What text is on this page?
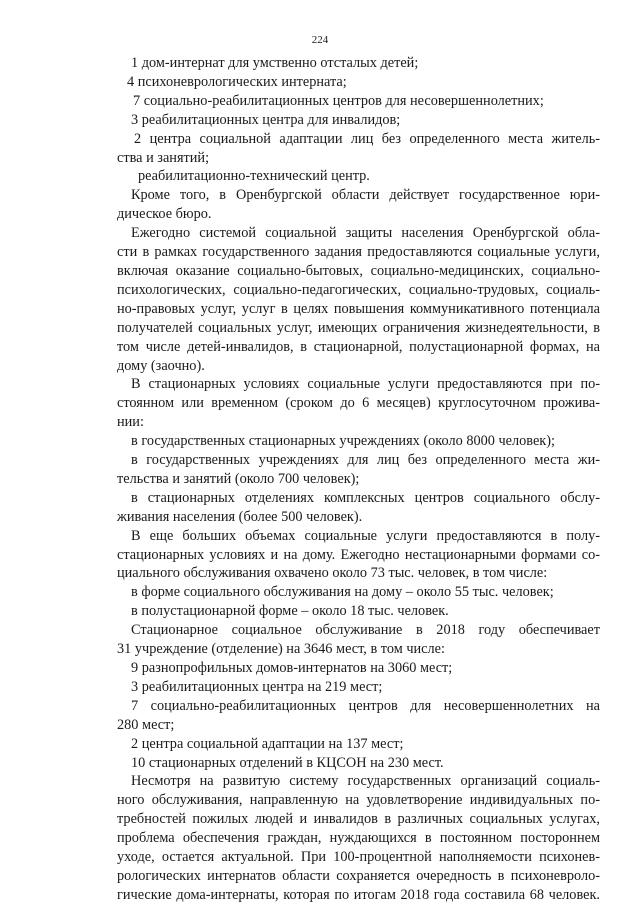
224
1 дом-интернат для умственно отсталых детей;
4 психоневрологических интерната;
7 социально-реабилитационных центров для несовершеннолетних;
3 реабилитационных центра для инвалидов;
2 центра социальной адаптации лиц без определенного места житель-
ства и занятий;
реабилитационно-технический центр.
Кроме того, в Оренбургской области действует государственное юри-
дическое бюро.
Ежегодно системой социальной защиты населения Оренбургской обла-
сти в рамках государственного задания предоставляются социальные услуги,
включая оказание социально-бытовых, социально-медицинских, социально-
психологических, социально-педагогических, социально-трудовых, социаль-
но-правовых услуг, услуг в целях повышения коммуникативного потенциала
получателей социальных услуг, имеющих ограничения жизнедеятельности, в
том числе детей-инвалидов, в стационарной, полустационарной формах, на
дому (заочно).
В стационарных условиях социальные услуги предоставляются при по-
стоянном или временном (сроком до 6 месяцев) круглосуточном прожива-
нии:
в государственных стационарных учреждениях (около 8000 человек);
в государственных учреждениях для лиц без определенного места жи-
тельства и занятий (около 700 человек);
в стационарных отделениях комплексных центров социального обслу-
живания населения (более 500 человек).
В еще больших объемах социальные услуги предоставляются в полу-
стационарных условиях и на дому. Ежегодно нестационарными формами со-
циального обслуживания охвачено около 73 тыс. человек, в том числе:
в форме социального обслуживания на дому – около 55 тыс. человек;
в полустационарной форме – около 18 тыс. человек.
Стационарное социальное обслуживание в 2018 году обеспечивает
31 учреждение (отделение) на 3646 мест, в том числе:
9 разнопрофильных домов-интернатов на 3060 мест;
3 реабилитационных центра на 219 мест;
7 социально-реабилитационных центров для несовершеннолетних на
280 мест;
2 центра социальной адаптации на 137 мест;
10 стационарных отделений в КЦСОН на 230 мест.
Несмотря на развитую систему государственных организаций социаль-
ного обслуживания, направленную на удовлетворение индивидуальных по-
требностей пожилых людей и инвалидов в различных социальных услугах,
проблема обеспечения граждан, нуждающихся в постоянном постороннем
уходе, остается актуальной. При 100-процентной наполняемости психонев-
рологических интернатов области сохраняется очередность в психоневроло-
гические дома-интернаты, которая по итогам 2018 года составила 68 человек.
